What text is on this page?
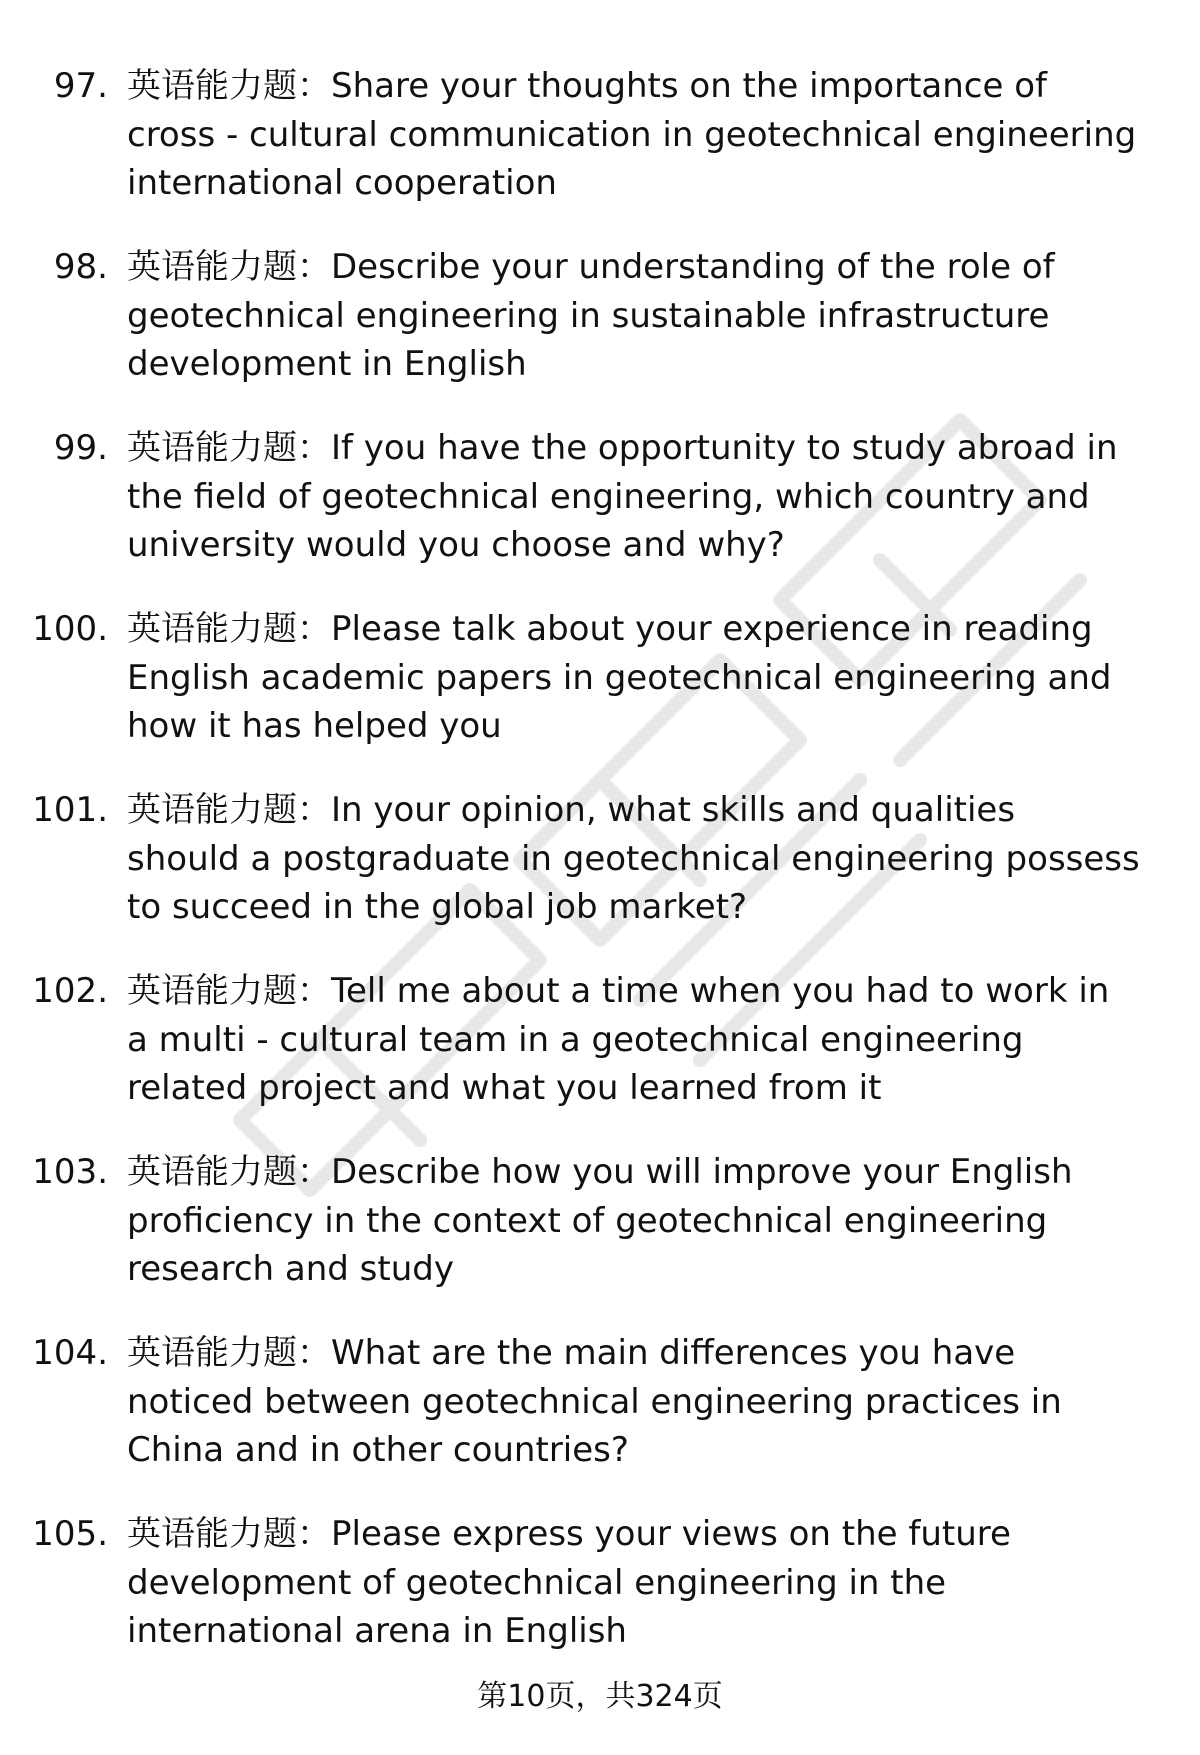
97. 英语能力题：Share your thoughts on the importance of
cross - cultural communication in geotechnical engineering
international cooperation
98. 英语能力题：Describe your understanding of the role of
geotechnical engineering in sustainable infrastructure
development in English
99. 英语能力题：If you have the opportunity to study abroad in
the field of geotechnical engineering, which country and
university would you choose and why?
100. 英语能力题：Please talk about your experience in reading
English academic papers in geotechnical engineering and
how it has helped you
101. 英语能力题：In your opinion, what skills and qualities
should a postgraduate in geotechnical engineering possess
to succeed in the global job market?
102. 英语能力题：Tell me about a time when you had to work in
a multi - cultural team in a geotechnical engineering
related project and what you learned from it
103. 英语能力题：Describe how you will improve your English
proficiency in the context of geotechnical engineering
research and study
104. 英语能力题：What are the main differences you have
noticed between geotechnical engineering practices in
China and in other countries?
105. 英语能力题：Please express your views on the future
development of geotechnical engineering in the
international arena in English
第10页，共324页
